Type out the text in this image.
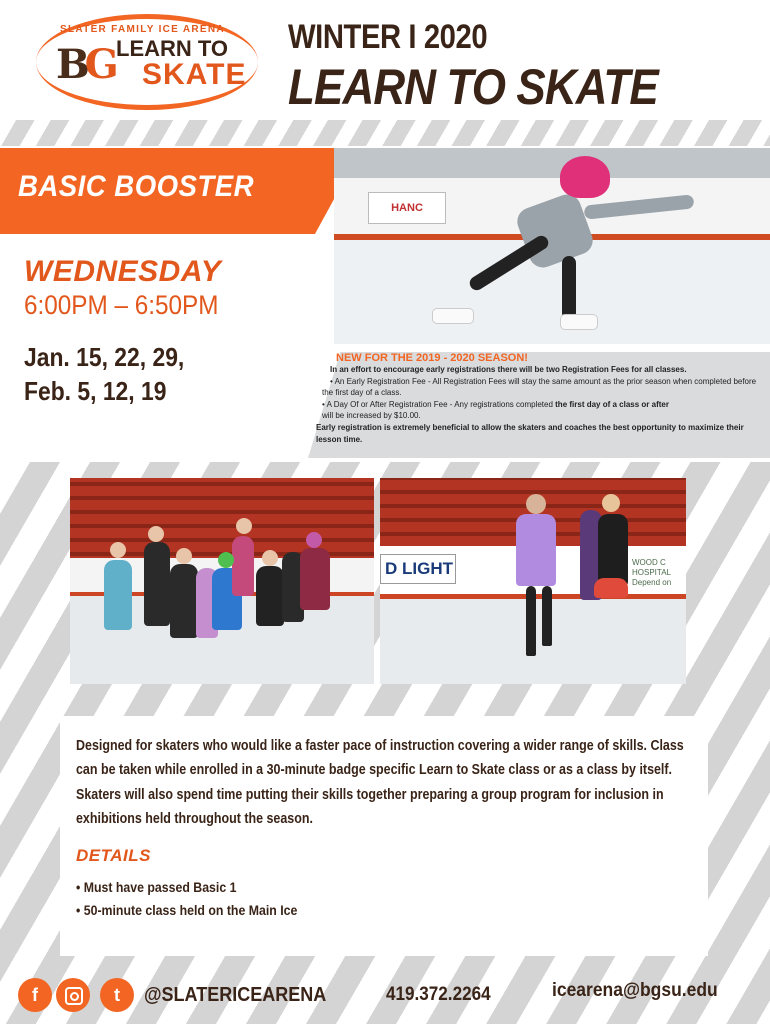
SLATER FAMILY ICE ARENA
BG LEARN TO
SKATE
WINTER I 2020
LEARN TO SKATE
BASIC BOOSTER
HANC
WEDNESDAY
6:00PM – 6:50PM
Jan. 15, 22, 29,
Feb. 5, 12, 19
NEW FOR THE 2019 - 2020 SEASON!

In an effort to encourage early registrations there will be two Registration Fees for all classes.

• An Early Registration Fee - All Registration Fees will stay the same amount as the prior season when completed before

the first day of a class.

• A Day Of or After Registration Fee - Any registrations completed the first day of a class or after

will be increased by $10.00.

Early registration is extremely beneficial to allow the skaters and coaches the best opportunity to maximize their lesson time.

D LIGHT	WOOD C HOSPITAL Depend on
Designed for skaters who would like a faster pace of instruction covering a wider range of skills. Class can be taken while enrolled in a 30-minute badge specific Learn to Skate class or as a class by itself. Skaters will also spend time putting their skills together preparing a group program for inclusion in exhibitions held throughout the season.
DETAILS
• Must have passed Basic 1
• 50-minute class held on the Main Ice
f	t	@SLATERICEARENA	419.372.2264	icearena@bgsu.edu
